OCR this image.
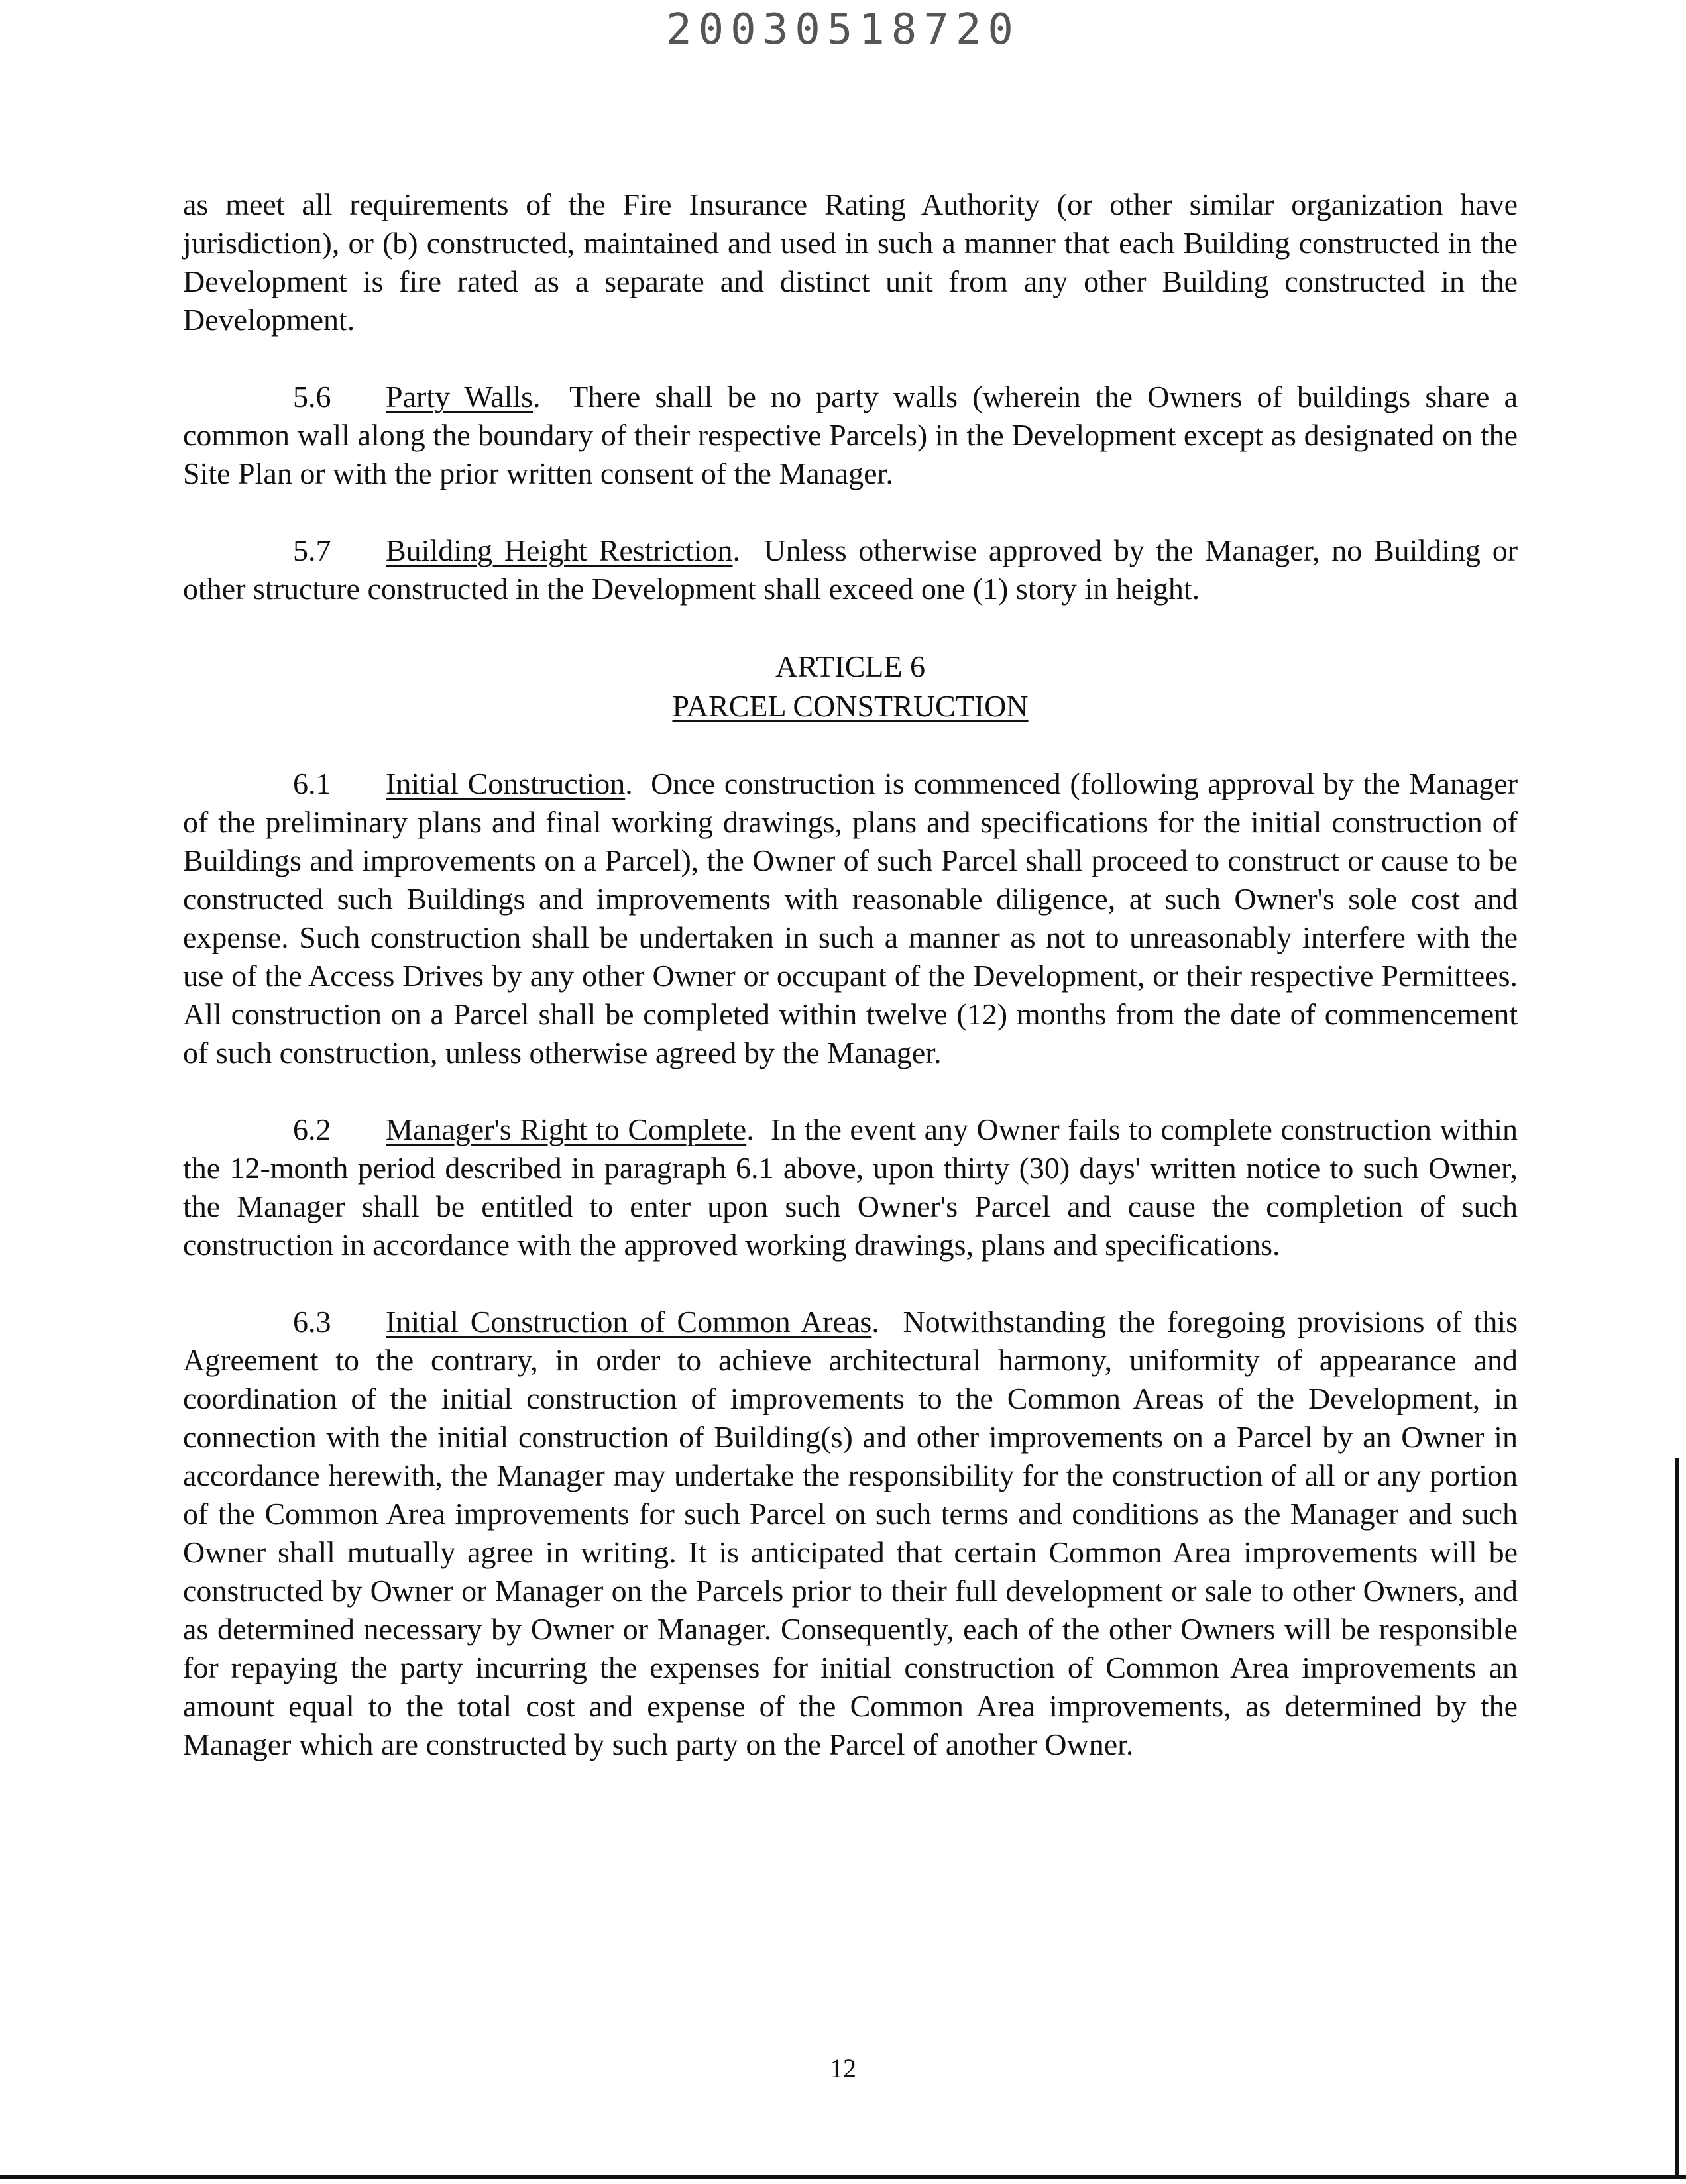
20030518720

as meet all requirements of the Fire Insurance Rating Authority (or other similar organization have jurisdiction), or (b) constructed, maintained and used in such a manner that each Building constructed in the Development is fire rated as a separate and distinct unit from any other Building constructed in the Development.

5.6 Party Walls.  There shall be no party walls (wherein the Owners of buildings share a common wall along the boundary of their respective Parcels) in the Development except as designated on the Site Plan or with the prior written consent of the Manager.

5.7 Building Height Restriction.  Unless otherwise approved by the Manager, no Building or other structure constructed in the Development shall exceed one (1) story in height.

ARTICLE 6
PARCEL CONSTRUCTION

6.1 Initial Construction.  Once construction is commenced (following approval by the Manager of the preliminary plans and final working drawings, plans and specifications for the initial construction of Buildings and improvements on a Parcel), the Owner of such Parcel shall proceed to construct or cause to be constructed such Buildings and improvements with reasonable diligence, at such Owner's sole cost and expense. Such construction shall be undertaken in such a manner as not to unreasonably interfere with the use of the Access Drives by any other Owner or occupant of the Development, or their respective Permittees. All construction on a Parcel shall be completed within twelve (12) months from the date of commencement of such construction, unless otherwise agreed by the Manager.

6.2 Manager's Right to Complete.  In the event any Owner fails to complete construction within the 12-month period described in paragraph 6.1 above, upon thirty (30) days' written notice to such Owner, the Manager shall be entitled to enter upon such Owner's Parcel and cause the completion of such construction in accordance with the approved working drawings, plans and specifications.

6.3 Initial Construction of Common Areas.  Notwithstanding the foregoing provisions of this Agreement to the contrary, in order to achieve architectural harmony, uniformity of appearance and coordination of the initial construction of improvements to the Common Areas of the Development, in connection with the initial construction of Building(s) and other improvements on a Parcel by an Owner in accordance herewith, the Manager may undertake the responsibility for the construction of all or any portion of the Common Area improvements for such Parcel on such terms and conditions as the Manager and such Owner shall mutually agree in writing. It is anticipated that certain Common Area improvements will be constructed by Owner or Manager on the Parcels prior to their full development or sale to other Owners, and as determined necessary by Owner or Manager. Consequently, each of the other Owners will be responsible for repaying the party incurring the expenses for initial construction of Common Area improvements an amount equal to the total cost and expense of the Common Area improvements, as determined by the Manager which are constructed by such party on the Parcel of another Owner.

12
